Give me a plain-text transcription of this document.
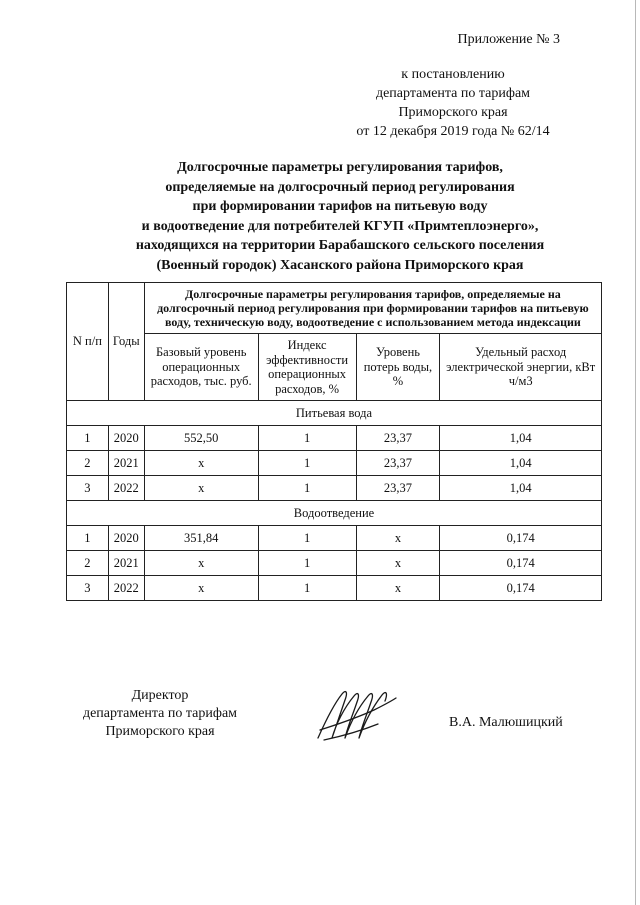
Приложение № 3
к постановлению
департамента по тарифам
Приморского края
от 12 декабря 2019 года № 62/14
Долгосрочные параметры регулирования тарифов,
определяемые на долгосрочный период регулирования
при формировании тарифов на питьевую воду
и водоотведение для потребителей КГУП «Примтеплоэнерго»,
находящихся на территории Барабашского сельского поселения
(Военный городок) Хасанского района Приморского края
N п/п	Годы	Долгосрочные параметры регулирования тарифов, определяемые на долгосрочный период регулирования при формировании тарифов на питьевую воду, техническую воду, водоотведение с использованием метода индексации			
		Базовый уровень операционных расходов, тыс. руб.	Индекс эффективности операционных расходов, %	Уровень потерь воды, %	Удельный расход электрической энергии, кВт ч/м3
Питьевая вода					
1	2020	552,50	1	23,37	1,04
2	2021	х	1	23,37	1,04
3	2022	х	1	23,37	1,04
Водоотведение					
1	2020	351,84	1	х	0,174
2	2021	х	1	х	0,174
3	2022	х	1	х	0,174
Директор
департамента по тарифам
Приморского края
В.А. Малюшицкий
